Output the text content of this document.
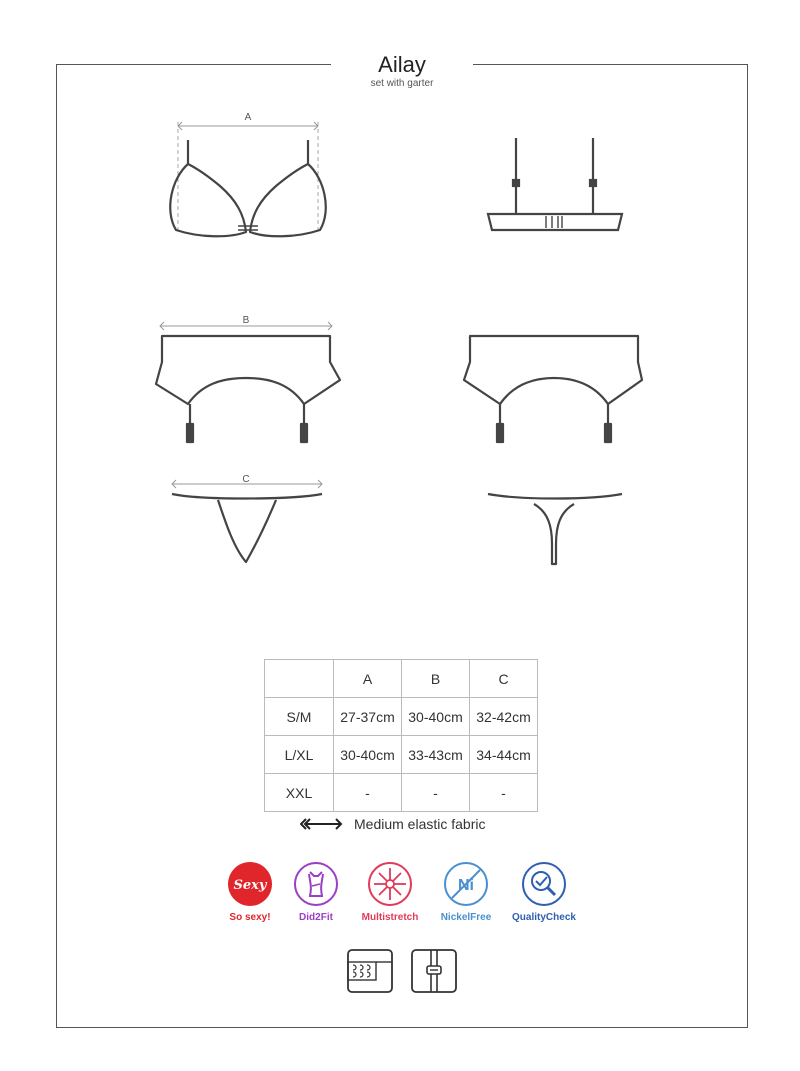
Ailay
set with garter
A
B
C
	A	B	C
S/M	27-37cm	30-40cm	32-42cm
L/XL	30-40cm	33-43cm	34-44cm
XXL	-	-	-
Medium elastic fabric
Sexy
So sexy!	Did2Fit	Multistretch
Ni
NickelFree	QualityCheck
